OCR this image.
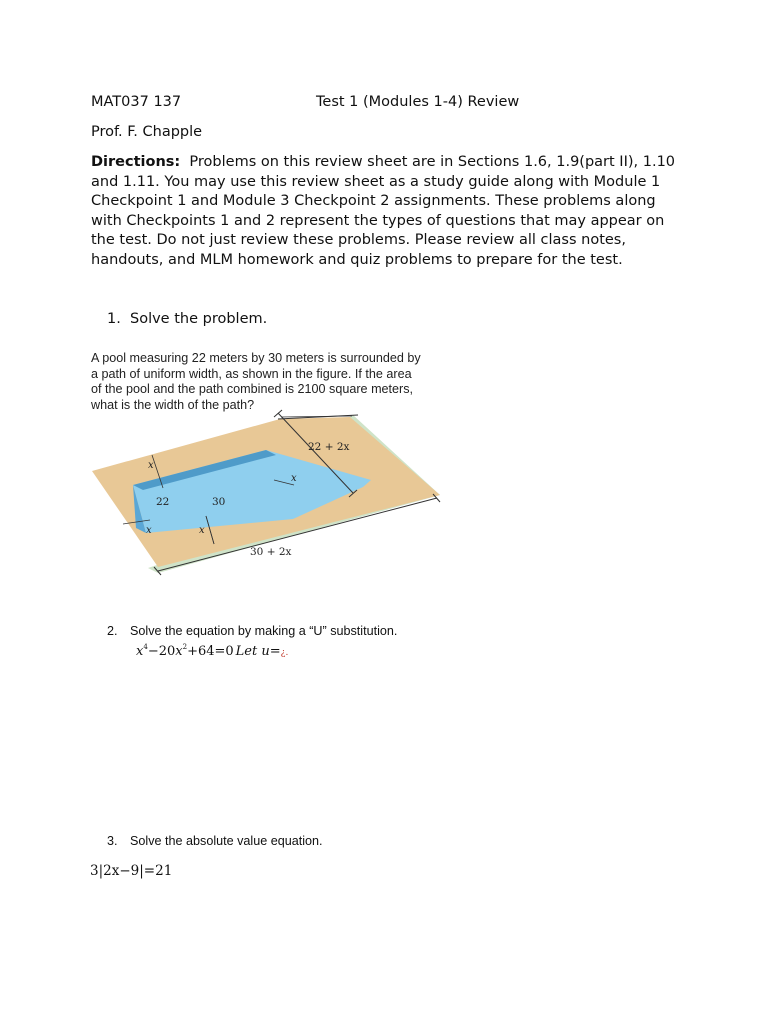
MAT037 137	Test 1 (Modules 1-4) Review
Prof. F. Chapple
Directions: Problems on this review sheet are in Sections 1.6, 1.9(part II), 1.10 and 1.11. You may use this review sheet as a study guide along with Module 1 Checkpoint 1 and Module 3 Checkpoint 2 assignments. These problems along with Checkpoints 1 and 2 represent the types of questions that may appear on the test. Do not just review these problems. Please review all class notes, handouts, and MLM homework and quiz problems to prepare for the test.
1. Solve the problem.
A pool measuring 22 meters by 30 meters is surrounded by
a path of uniform width, as shown in the figure. If the area
of the pool and the path combined is 2100 square meters,
what is the width of the path?
x
x	x
x
22	30
22 + 2x
30 + 2x
2. Solve the equation by making a “U” substitution.
$x^4-20x^2+64=0$ Let u=¿.
3. Solve the absolute value equation.
3|2x−9|=21
